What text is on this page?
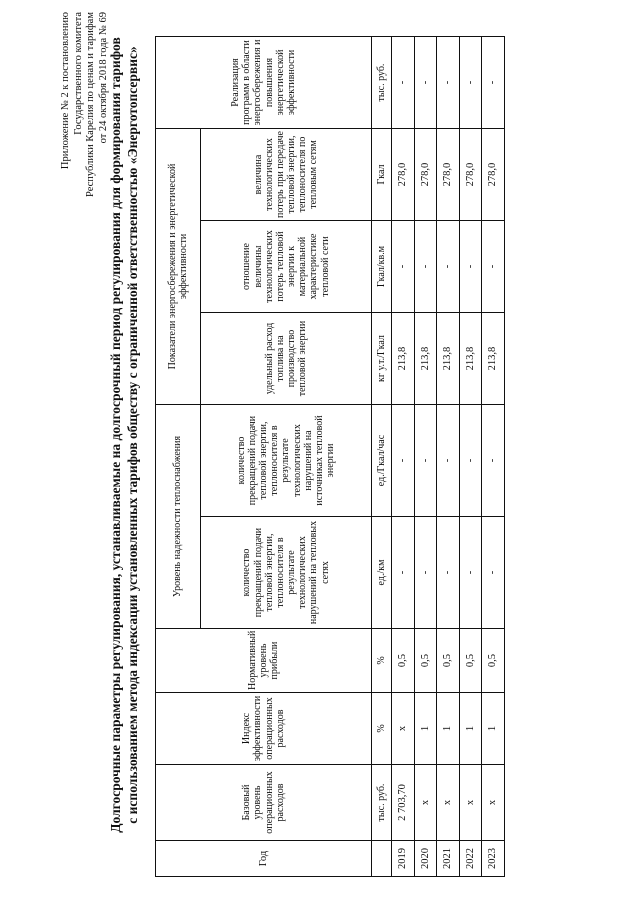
Приложение № 2 к постановлению Государственного комитета Республики Карелия по ценам и тарифам от 24 октября 2018 года № 69 Долгосрочные параметры регулирования, устанавливаемые на долгосрочный период регулирования для формирования тарифов с использованием метода индексации установленных тарифов обществу с ограниченной ответственностью «Энерготопсервис»
Год	Базовый уровень операционных расходов	Индекс эффективности операционных расходов	Нормативный уровень прибыли	Уровень надежности теплоснабжения		Показатели энергосбережения и энергетической эффективности			Реализация программ в области энергосбережения и повышения энергетической эффективности	
				количество прекращений подачи тепловой энергии, теплоносителя в результате технологических нарушений на тепловых сетях	количество прекращений подачи тепловой энергии, теплоносителя в результате технологических нарушений на источниках тепловой энергии	удельный расход топлива на производство тепловой энергии	отношение величины технологических потерь тепловой энергии к материальной характеристике тепловой сети	величина технологических потерь при передаче тепловой энергии, теплоносителя по тепловым сетям		
	тыс. руб.	%	%	ед./км	ед./Гкал/час	кг у.т./Гкал	Гкал/кв.м	Гкал	тыс. руб.	
2019	2 703,70	х	0,5	-	-	213,8	-	278,0	-	
2020	х	1	0,5	-	-	213,8	-	278,0	-	
2021	х	1	0,5	-	-	213,8	-	278,0	-	
2022	х	1	0,5	-	-	213,8	-	278,0	-	
2023	х	1	0,5	-	-	213,8	-	278,0	-	
